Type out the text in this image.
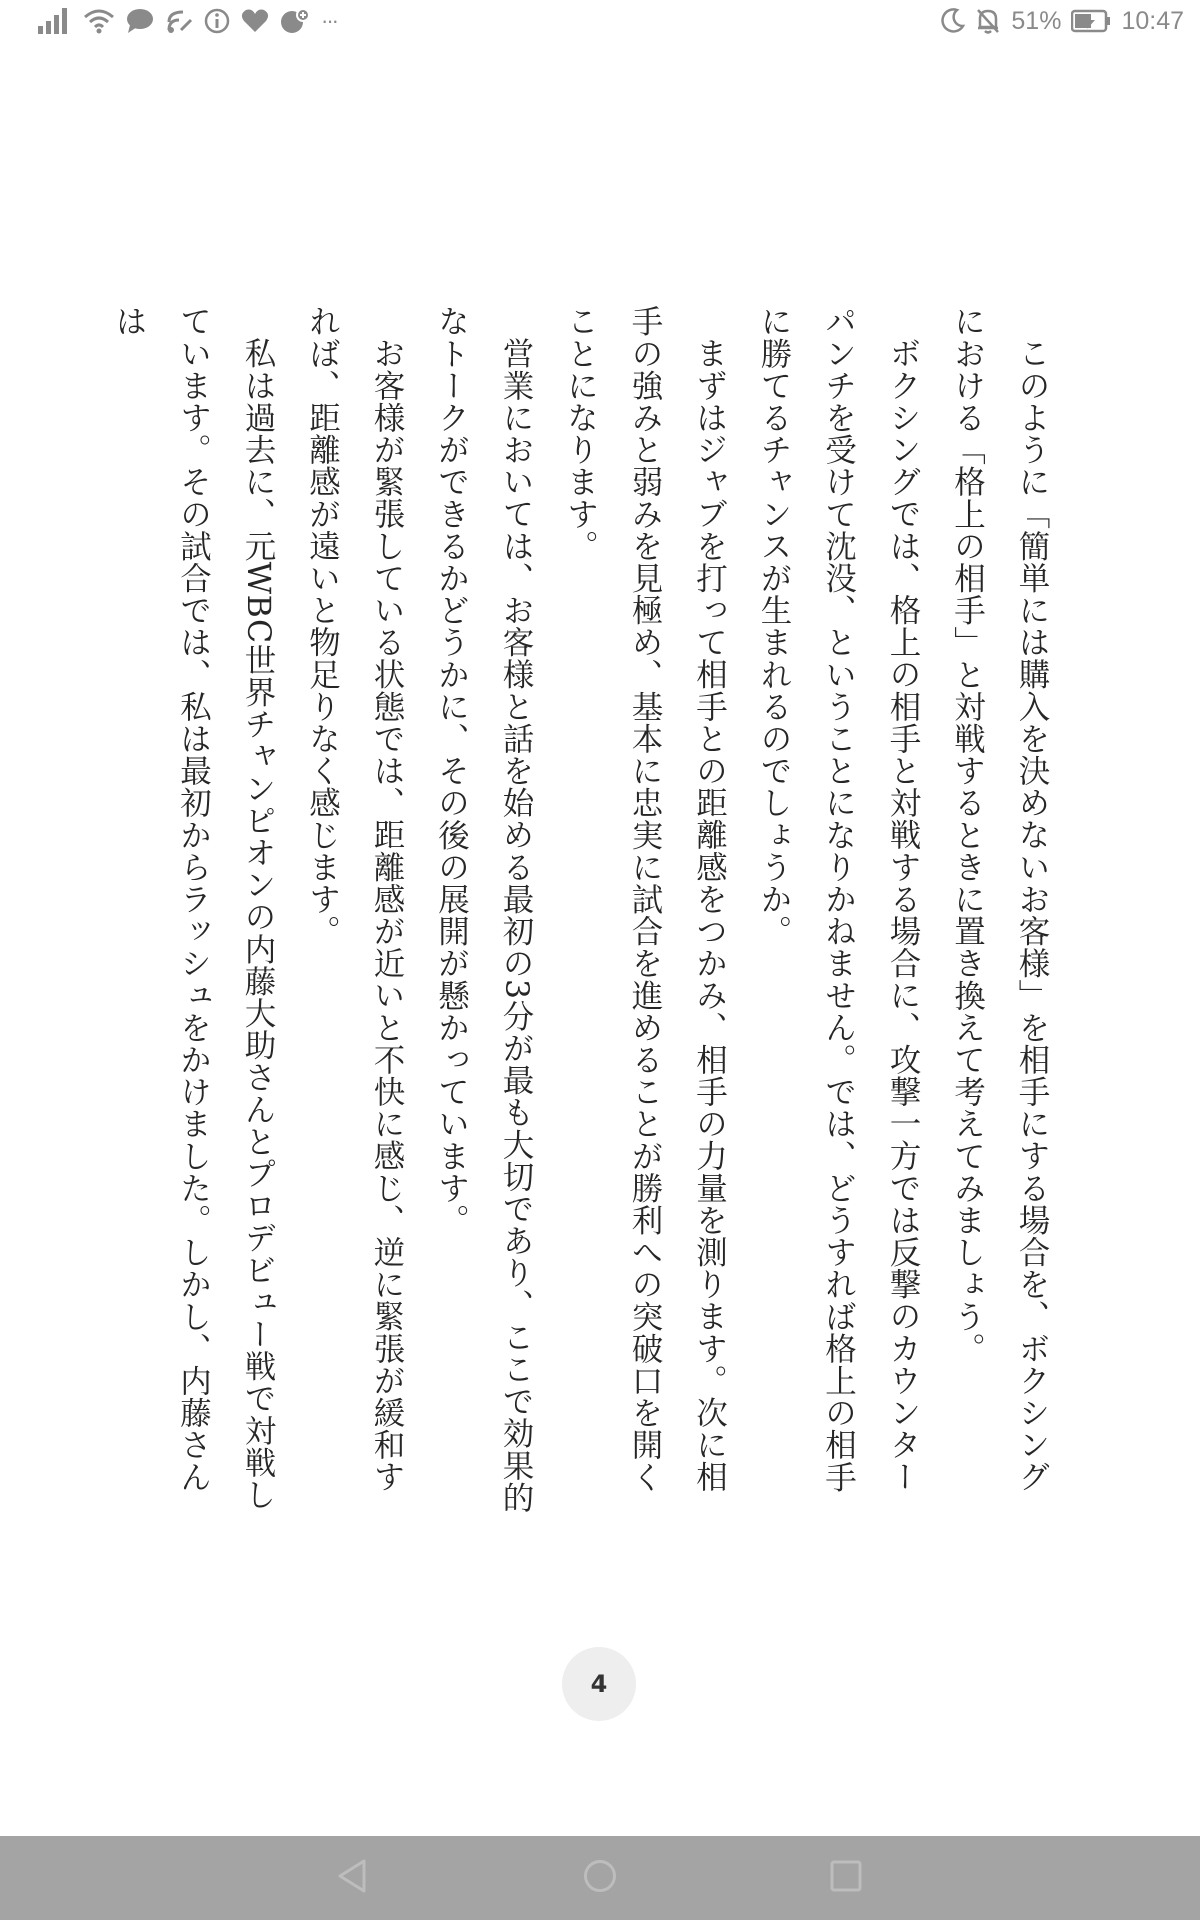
···	51% 10:47

このように「簡単には購入を決めないお客様」を相手にする場合を、ボクシングにおける「格上の相手」と対戦するときに置き換えて考えてみましょう。

ボクシングでは、格上の相手と対戦する場合に、攻撃一方では反撃のカウンターパンチを受けて沈没、ということになりかねません。では、どうすれば格上の相手に勝てるチャンスが生まれるのでしょうか。

まずはジャブを打って相手との距離感をつかみ、相手の力量を測ります。次に相手の強みと弱みを見極め、基本に忠実に試合を進めることが勝利への突破口を開くことになります。

営業においては、お客様と話を始める最初の3分が最も大切であり、ここで効果的なトークができるかどうかに、その後の展開が懸かっています。

お客様が緊張している状態では、距離感が近いと不快に感じ、逆に緊張が緩和すれば、距離感が遠いと物足りなく感じます。

私は過去に、元WBC世界チャンピオンの内藤大助さんとプロデビュー戦で対戦しています。その試合では、私は最初からラッシュをかけました。しかし、内藤さんは

4
